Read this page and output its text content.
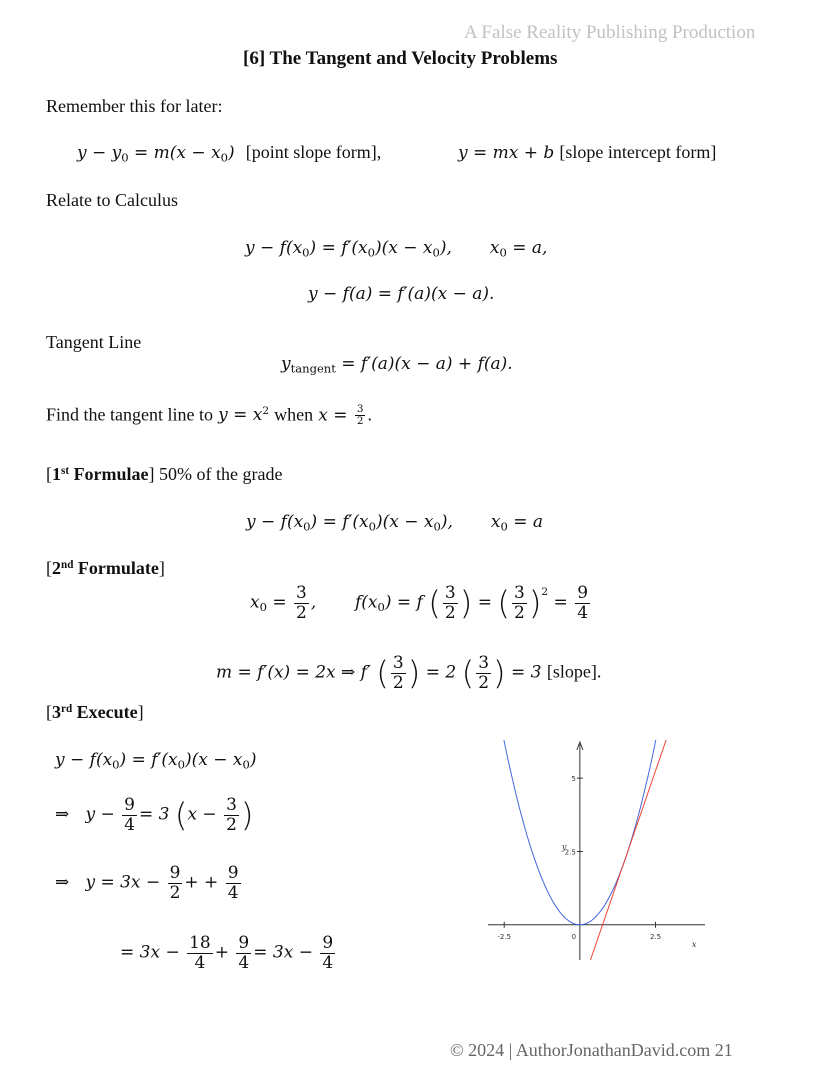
A False Reality Publishing Production
[6] The Tangent and Velocity Problems
Remember this for later:
$y - y_0 = m(x - x_0)$ [point slope form],	y = mx + b [slope intercept form]
Relate to Calculus
$y - f(x_0) = f'(x_0)(x - x_0)$, $x_0 = a$,
y − f(a) = f′(a)(x − a).
Tangent Line
$y_{tangent} = f'(a)(x - a) + f(a)$.
Find the tangent line to $y = x^2$ when $x = \frac{3}{2}$ .
[1st Formulae] 50% of the grade
$y - f(x_0) = f'(x_0)(x - x_0)$, $x_0 = a$
[2nd Formulate]
$x_0 = \frac{3}{2}$ , $f(x_0) = f$ ( $\frac{3}{2}$ ) = ( $\frac{3}{2} )^2 = \frac{9}{4}$
m = f′(x) = 2x ⇒ f′ ( $\frac{3}{2}$ ) = 2 ( $\frac{3}{2}$ ) = 3 [slope].
[3rd Execute]
$y - f(x_0) = f'(x_0)(x - x_0)$
⇒   $y - \frac{9}{4} = 3$ ($x - \frac{3}{2}$ )
⇒   $y = 3x - \frac{9}{2}$ + + $\frac{9}{4}$
= $3x - \frac{18}{4} + \frac{9}{4} = 3x - \frac{9}{4}$	-2.5	0	2.5
5
2.5
x
y
© 2024 | AuthorJonathanDavid.com 21
